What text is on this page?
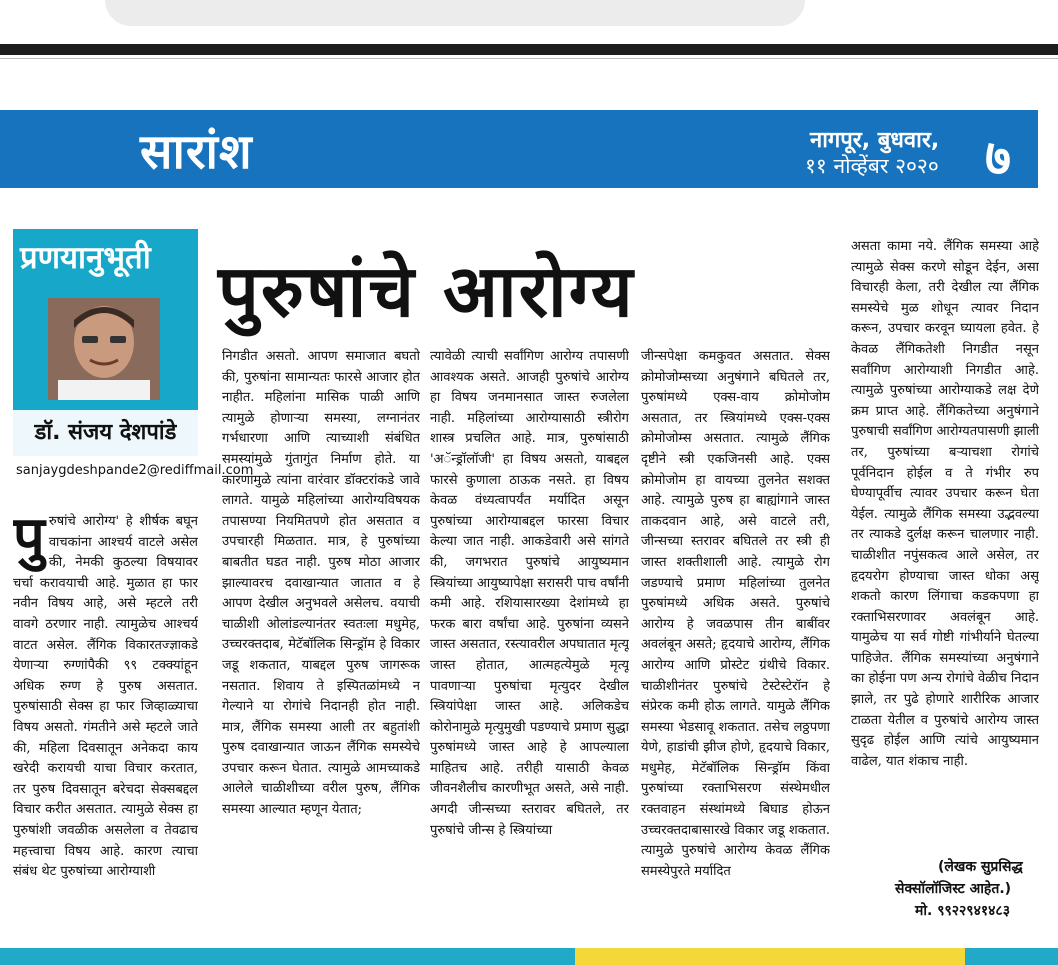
सारांश	नागपूर, बुधवार,
११ नोव्हेंबर २०२० ७
प्रणयानुभूती
डॉ. संजय देशपांडे
sanjaygdeshpande2@rediffmail.com
पुरुषांचे आरोग्य
पुरुषांचे आरोग्य' हे शीर्षक बघून वाचकांना आश्चर्य वाटले असेल की, नेमकी कुठल्या विषयावर चर्चा करावयाची आहे. मुळात हा फार नवीन विषय आहे, असे म्हटले तरी वावगे ठरणार नाही. त्यामुळेच आश्चर्य वाटत असेल. लैंगिक विकारतज्ज्ञाकडे येणाऱ्या रुग्णांपैकी ९९ टक्क्यांहून अधिक रुग्ण हे पुरुष असतात. पुरुषांसाठी सेक्स हा फार जिव्हाळ्याचा विषय असतो. गंमतीने असे म्हटले जाते की, महिला दिवसातून अनेकदा काय खरेदी करायची याचा विचार करतात, तर पुरुष दिवसातून बरेचदा सेक्सबद्दल विचार करीत असतात. त्यामुळे सेक्स हा पुरुषांशी जवळीक असलेला व तेवढाच महत्त्वाचा विषय आहे. कारण त्याचा संबंध थेट पुरुषांच्या आरोग्याशी
निगडीत असतो. आपण समाजात बघतो की, पुरुषांना सामान्यतः फारसे आजार होत नाहीत. महिलांना मासिक पाळी आणि त्यामुळे होणाऱ्या समस्या, लग्नानंतर गर्भधारणा आणि त्याच्याशी संबंधित समस्यांमुळे गुंतागुंत निर्माण होते. या कारणांमुळे त्यांना वारंवार डॉक्टरांकडे जावे लागते. यामुळे महिलांच्या आरोग्यविषयक तपासण्या नियमितपणे होत असतात व उपचारही मिळतात. मात्र, हे पुरुषांच्या बाबतीत घडत नाही. पुरुष मोठा आजार झाल्यावरच दवाखान्यात जातात व हे आपण देखील अनुभवले असेलच. वयाची चाळीशी ओलांडल्यानंतर स्वतःला मधुमेह, उच्चरक्तदाब, मेटॅबॉलिक सिन्ड्रॉम हे विकार जडू शकतात, याबद्दल पुरुष जागरूक नसतात. शिवाय ते इस्पितळांमध्ये न गेल्याने या रोगांचे निदानही होत नाही. मात्र, लैंगिक समस्या आली तर बहुतांशी पुरुष दवाखान्यात जाऊन लैंगिक समस्येचे उपचार करून घेतात. त्यामुळे आमच्याकडे आलेले चाळीशीच्या वरील पुरुष, लैंगिक समस्या आल्यात म्हणून येतात;
त्यावेळी त्याची सर्वांगिण आरोग्य तपासणी आवश्यक असते. आजही पुरुषांचे आरोग्य हा विषय जनमानसात जास्त रुजलेला नाही. महिलांच्या आरोग्यासाठी स्त्रीरोग शास्त्र प्रचलित आहे. मात्र, पुरुषांसाठी 'अॅन्ड्रॉलॉजी' हा विषय असतो, याबद्दल फारसे कुणाला ठाऊक नसते. हा विषय केवळ वंध्यत्वापर्यंत मर्यादित असून पुरुषांच्या आरोग्याबद्दल फारसा विचार केल्या जात नाही. आकडेवारी असे सांगते की, जगभरात पुरुषांचे आयुष्यमान स्त्रियांच्या आयुष्यापेक्षा सरासरी पाच वर्षांनी कमी आहे. रशियासारख्या देशांमध्ये हा फरक बारा वर्षांचा आहे. पुरुषांना व्यसने जास्त असतात, रस्त्यावरील अपघातात मृत्यू जास्त होतात, आत्महत्येमुळे मृत्यू पावणाऱ्या पुरुषांचा मृत्युदर देखील स्त्रियांपेक्षा जास्त आहे. अलिकडेच कोरोनामुळे मृत्युमुखी पडण्याचे प्रमाण सुद्धा पुरुषांमध्ये जास्त आहे हे आपल्याला माहितच आहे. तरीही यासाठी केवळ जीवनशैलीच कारणीभूत असते, असे नाही. अगदी जीन्सच्या स्तरावर बघितले, तर पुरुषांचे जीन्स हे स्त्रियांच्या
जीन्सपेक्षा कमकुवत असतात. सेक्स क्रोमोजोम्सच्या अनुषंगाने बघितले तर, पुरुषांमध्ये एक्स-वाय क्रोमोजोम असतात, तर स्त्रियांमध्ये एक्स-एक्स क्रोमोजोम्स असतात. त्यामुळे लैंगिक दृष्टीने स्त्री एकजिनसी आहे. एक्स क्रोमोजोम हा वायच्या तुलनेत सशक्त आहे. त्यामुळे पुरुष हा बाह्यांगाने जास्त ताकदवान आहे, असे वाटले तरी, जीन्सच्या स्तरावर बघितले तर स्त्री ही जास्त शक्तीशाली आहे. त्यामुळे रोग जडण्याचे प्रमाण महिलांच्या तुलनेत पुरुषांमध्ये अधिक असते. पुरुषांचे आरोग्य हे जवळपास तीन बाबींवर अवलंबून असते; हृदयाचे आरोग्य, लैंगिक आरोग्य आणि प्रोस्टेट ग्रंथीचे विकार. चाळीशीनंतर पुरुषांचे टेस्टेस्टेरॉन हे संप्रेरक कमी होऊ लागते. यामुळे लैंगिक समस्या भेडसावू शकतात. तसेच लठ्ठपणा येणे, हाडांची झीज होणे, हृदयाचे विकार, मधुमेह, मेटॅबॉलिक सिन्ड्रॉम किंवा पुरुषांच्या रक्ताभिसरण संस्थेमधील रक्तवाहन संस्थांमध्ये बिघाड होऊन उच्चरक्तदाबासारखे विकार जडू शकतात. त्यामुळे पुरुषांचे आरोग्य केवळ लैंगिक समस्येपुरते मर्यादित
असता कामा नये. लैंगिक समस्या आहे त्यामुळे सेक्स करणे सोडून देईन, असा विचारही केला, तरी देखील त्या लैंगिक समस्येचे मुळ शोधून त्यावर निदान करून, उपचार करवून घ्यायला हवेत. हे केवळ लैंगिकतेशी निगडीत नसून सर्वांगिण आरोग्याशी निगडीत आहे. त्यामुळे पुरुषांच्या आरोग्याकडे लक्ष देणे क्रम प्राप्त आहे. लैंगिकतेच्या अनुषंगाने पुरुषाची सर्वांगिण आरोग्यतपासणी झाली तर, पुरुषांच्या बऱ्याचशा रोगांचे पूर्वनिदान होईल व ते गंभीर रुप घेण्यापूर्वीच त्यावर उपचार करून घेता येईल. त्यामुळे लैंगिक समस्या उद्भवल्या तर त्याकडे दुर्लक्ष करून चालणार नाही. चाळीशीत नपुंसकत्व आले असेल, तर हृदयरोग होण्याचा जास्त धोका असू शकतो कारण लिंगाचा कडकपणा हा रक्ताभिसरणावर अवलंबून आहे. यामुळेच या सर्व गोष्टी गांभीर्याने घेतल्या पाहिजेत. लैंगिक समस्यांच्या अनुषंगाने का होईना पण अन्य रोगांचे वेळीच निदान झाले, तर पुढे होणारे शारीरिक आजार टाळता येतील व पुरुषांचे आरोग्य जास्त सुदृढ होईल आणि त्यांचे आयुष्यमान वाढेल, यात शंकाच नाही.
(लेखक सुप्रसिद्ध
सेक्सॉलॉजिस्ट आहेत.)
मो. ९९२२९४१४८३
